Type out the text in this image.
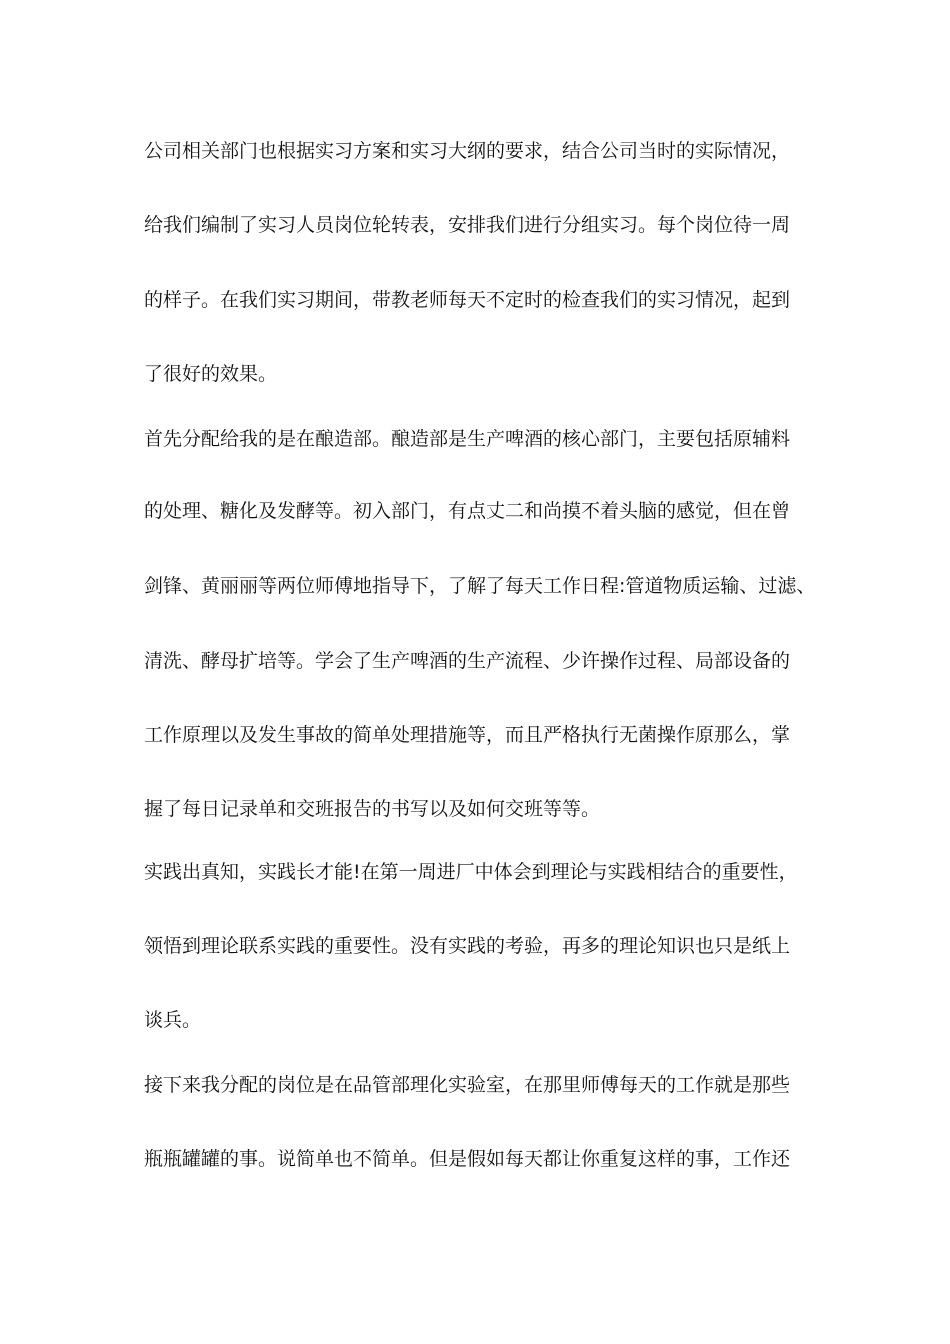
公司相关部门也根据实习方案和实习大纲的要求，结合公司当时的实际情况，
给我们编制了实习人员岗位轮转表，安排我们进行分组实习。每个岗位待一周
的样子。在我们实习期间，带教老师每天不定时的检查我们的实习情况，起到
了很好的效果。
首先分配给我的是在酿造部。酿造部是生产啤酒的核心部门，主要包括原辅料
的处理、糖化及发酵等。初入部门，有点丈二和尚摸不着头脑的感觉，但在曾
剑锋、黄丽丽等两位师傅地指导下，了解了每天工作日程:管道物质运输、过滤、
清洗、酵母扩培等。学会了生产啤酒的生产流程、少许操作过程、局部设备的
工作原理以及发生事故的简单处理措施等，而且严格执行无菌操作原那么，掌
握了每日记录单和交班报告的书写以及如何交班等等。
实践出真知，实践长才能!在第一周进厂中体会到理论与实践相结合的重要性，
领悟到理论联系实践的重要性。没有实践的考验，再多的理论知识也只是纸上
谈兵。
接下来我分配的岗位是在品管部理化实验室，在那里师傅每天的工作就是那些
瓶瓶罐罐的事。说简单也不简单。但是假如每天都让你重复这样的事，工作还
